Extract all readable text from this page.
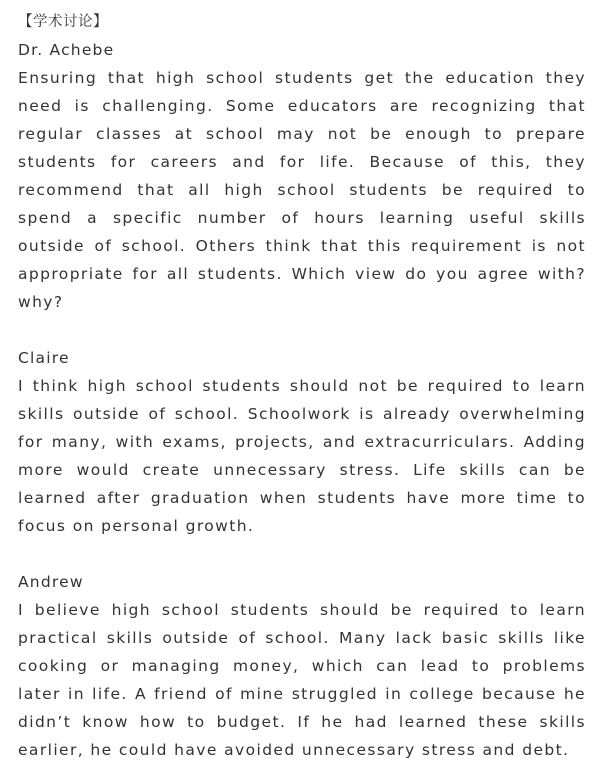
【学术讨论】

Dr. Achebe

Ensuring that high school students get the education they need is challenging. Some educators are recognizing that regular classes at school may not be enough to prepare students for careers and for life. Because of this, they recommend that all high school students be required to spend a specific number of hours learning useful skills outside of school. Others think that this requirement is not appropriate for all students. Which view do you agree with? why?

Claire

I think high school students should not be required to learn skills outside of school. Schoolwork is already overwhelming for many, with exams, projects, and extracurriculars. Adding more would create unnecessary stress. Life skills can be learned after graduation when students have more time to focus on personal growth.

Andrew

I believe high school students should be required to learn practical skills outside of school. Many lack basic skills like cooking or managing money, which can lead to problems later in life. A friend of mine struggled in college because he didn’t know how to budget. If he had learned these skills earlier, he could have avoided unnecessary stress and debt.
